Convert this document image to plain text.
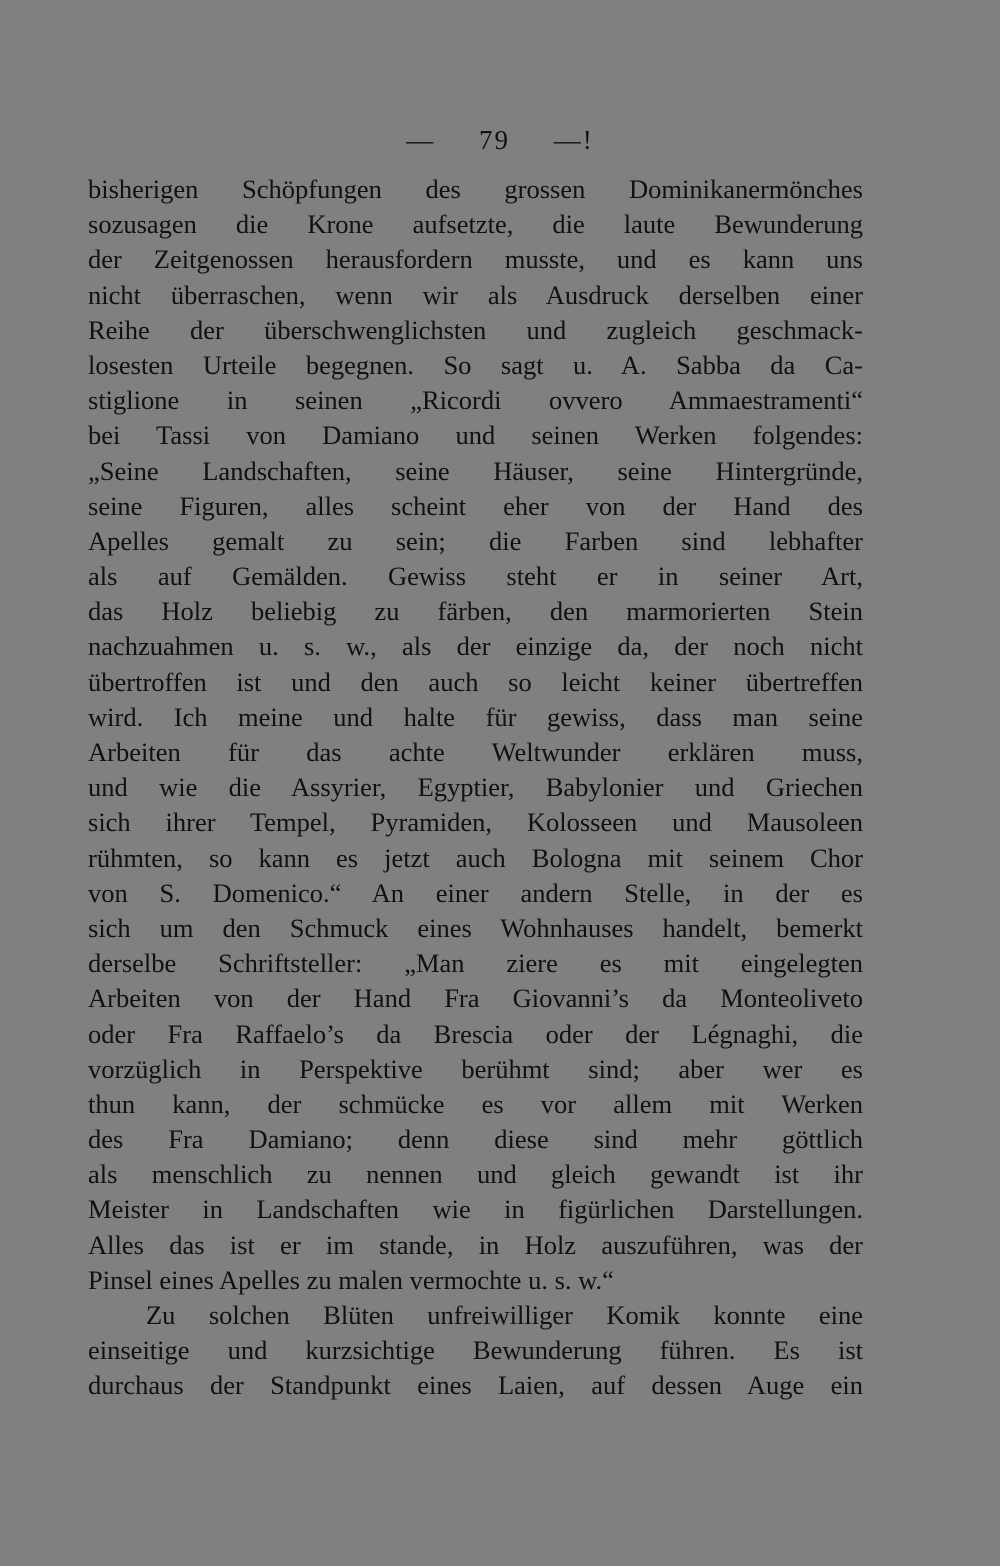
— 79 —!
bisherigen Schöpfungen des grossen Dominikanermönches
sozusagen die Krone aufsetzte, die laute Bewunderung
der Zeitgenossen herausfordern musste, und es kann uns
nicht überraschen, wenn wir als Ausdruck derselben einer
Reihe der überschwenglichsten und zugleich geschmack-
losesten Urteile begegnen. So sagt u. A. Sabba da Ca-
stiglione in seinen „Ricordi ovvero Ammaestramenti“
bei Tassi von Damiano und seinen Werken folgendes:
„Seine Landschaften, seine Häuser, seine Hintergründe,
seine Figuren, alles scheint eher von der Hand des
Apelles gemalt zu sein; die Farben sind lebhafter
als auf Gemälden. Gewiss steht er in seiner Art,
das Holz beliebig zu färben, den marmorierten Stein
nachzuahmen u. s. w., als der einzige da, der noch nicht
übertroffen ist und den auch so leicht keiner übertreffen
wird. Ich meine und halte für gewiss, dass man seine
Arbeiten für das achte Weltwunder erklären muss,
und wie die Assyrier, Egyptier, Babylonier und Griechen
sich ihrer Tempel, Pyramiden, Kolosseen und Mausoleen
rühmten, so kann es jetzt auch Bologna mit seinem Chor
von S. Domenico.“ An einer andern Stelle, in der es
sich um den Schmuck eines Wohnhauses handelt, bemerkt
derselbe Schriftsteller: „Man ziere es mit eingelegten
Arbeiten von der Hand Fra Giovanni’s da Monteoliveto
oder Fra Raffaelo’s da Brescia oder der Légnaghi, die
vorzüglich in Perspektive berühmt sind; aber wer es
thun kann, der schmücke es vor allem mit Werken
des Fra Damiano; denn diese sind mehr göttlich
als menschlich zu nennen und gleich gewandt ist ihr
Meister in Landschaften wie in figürlichen Darstellungen.
Alles das ist er im stande, in Holz auszuführen, was der
Pinsel eines Apelles zu malen vermochte u. s. w.“
Zu solchen Blüten unfreiwilliger Komik konnte eine
einseitige und kurzsichtige Bewunderung führen. Es ist
durchaus der Standpunkt eines Laien, auf dessen Auge ein
